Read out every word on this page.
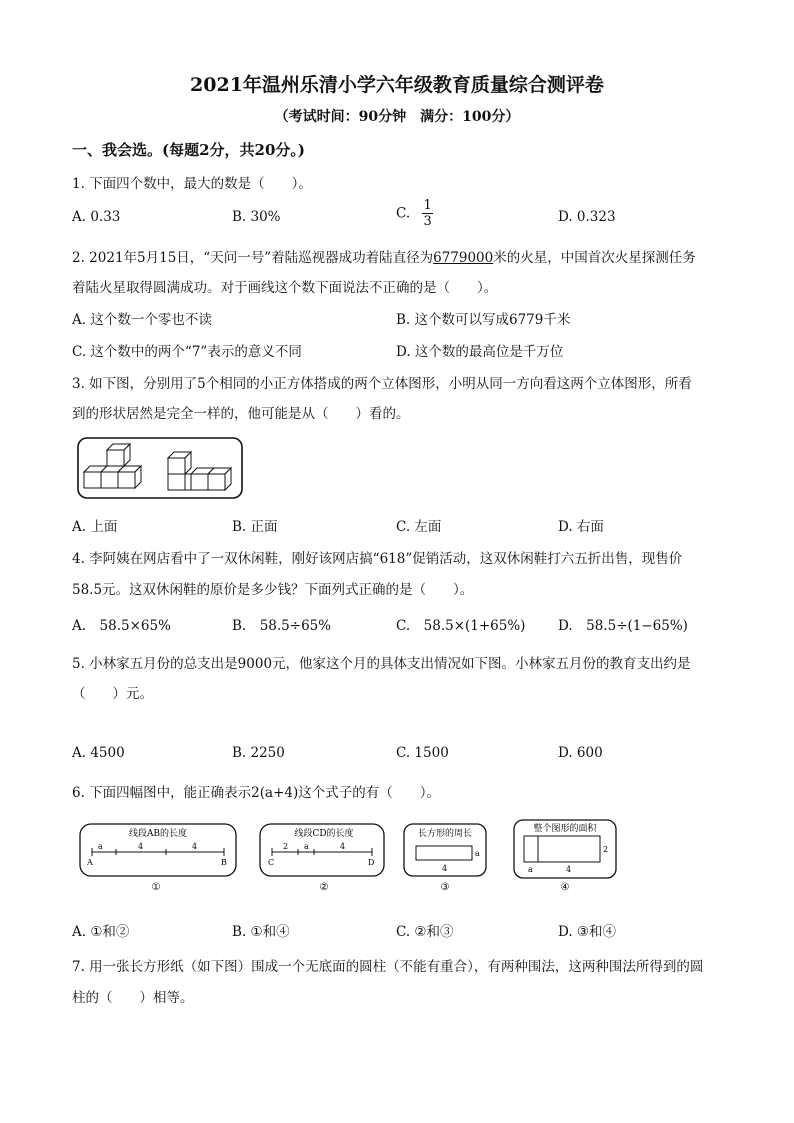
2021年温州乐清小学六年级教育质量综合测评卷
（考试时间：90分钟　满分：100分）
一、我会选。(每题2分，共20分。)
1. 下面四个数中，最大的数是（　　）。
A. 0.33	B. 30%	C. $\frac{1}{3}$	D. 0.323
2. 2021年5月15日，“天问一号”着陆巡视器成功着陆直径为6779000米的火星，中国首次火星探测任务
着陆火星取得圆满成功。对于画线这个数下面说法不正确的是（　　）。
A. 这个数一个零也不读	B. 这个数可以写成6779千米
C. 这个数中的两个“7”表示的意义不同	D. 这个数的最高位是千万位
3. 如下图，分别用了5个相同的小正方体搭成的两个立体图形，小明从同一方向看这两个立体图形，所看
到的形状居然是完全一样的，他可能是从（　　）看的。
A. 上面	B. 正面	C. 左面	D. 右面
4. 李阿姨在网店看中了一双休闲鞋，刚好该网店搞“618”促销活动，这双休闲鞋打六五折出售，现售价
58.5元。这双休闲鞋的原价是多少钱？下面列式正确的是（　　）。
A.　58.5×65%	B.　58.5÷65%	C.　58.5×(1+65%) D.　58.5÷(1−65%)
5. 小林家五月份的总支出是9000元，他家这个月的具体支出情况如下图。小林家五月份的教育支出约是
（　　）元。
A. 4500	B. 2250	C. 1500	D. 600
6. 下面四幅图中，能正确表示2(a+4)这个式子的有（　　）。
线段AB的长度
a	4	4
A	B
①
线段CD的长度
2 a	4
C	D
②
长方形的周长
a
4
③
整个图形的面积
2
a	4
④
A. ①和②	B. ①和④	C. ②和③	D. ③和④
7. 用一张长方形纸（如下图）围成一个无底面的圆柱（不能有重合），有两种围法，这两种围法所得到的圆
柱的（　　）相等。
